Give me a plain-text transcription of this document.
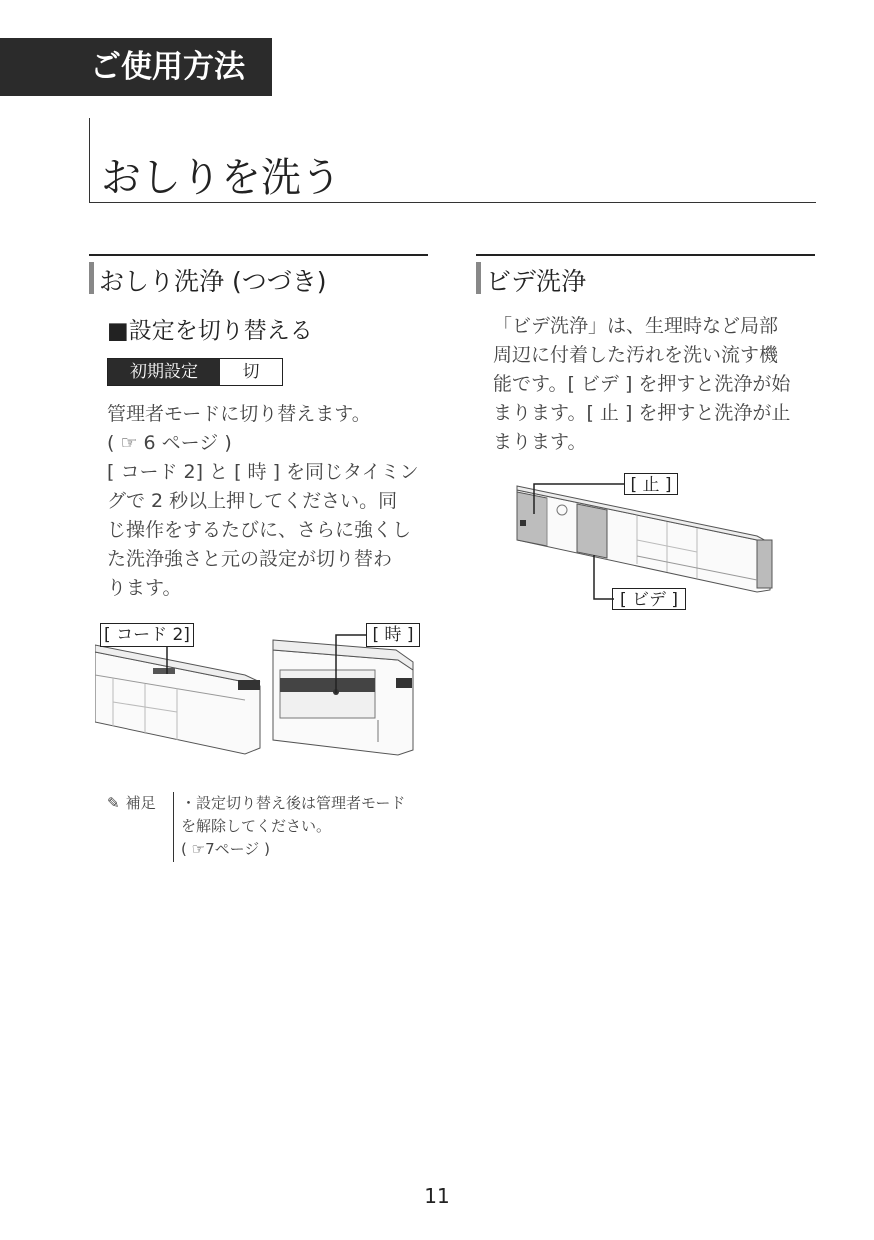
ご使用方法
おしりを洗う
おしり洗浄 (つづき)
■設定を切り替える
初期設定	切
管理者モードに切り替えます。
( ☞ 6 ページ )
[ コード 2] と [ 時 ] を同じタイミン
グで 2 秒以上押してください。同
じ操作をするたびに、さらに強くし
た洗浄強さと元の設定が切り替わ
ります。
[ コード 2]	[ 時 ]
✎ 補足 ・設定切り替え後は管理者モード
を解除してください。
( ☞7ページ )
ビデ洗浄
「ビデ洗浄」は、生理時など局部
周辺に付着した汚れを洗い流す機
能です。[ ビデ ] を押すと洗浄が始
まります。[ 止 ] を押すと洗浄が止
まります。
[ 止 ]
[ ビデ ]
11
